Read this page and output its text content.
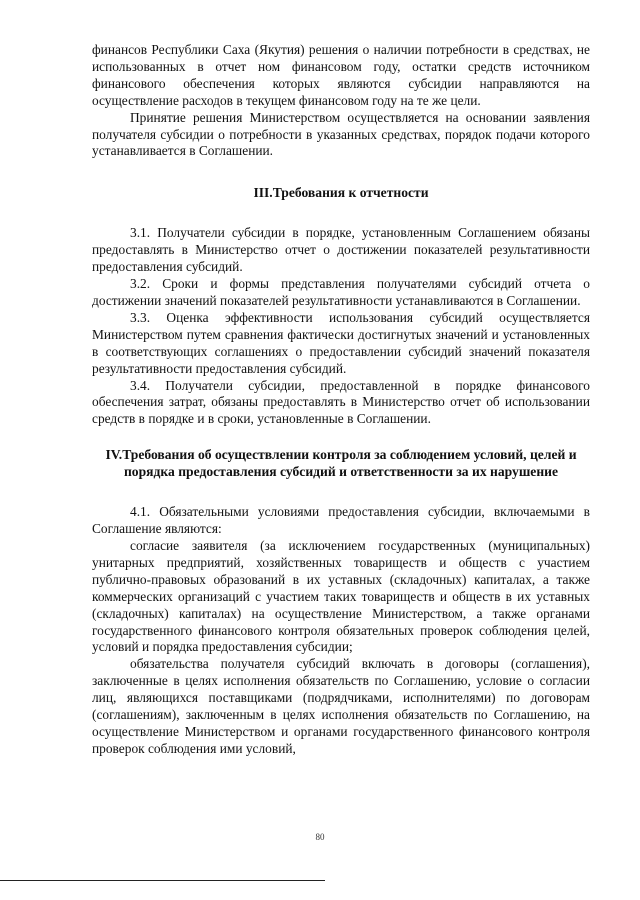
финансов Республики Саха (Якутия) решения о наличии потребности в средствах, не использованных в отчет ном финансовом году, остатки средств источником финансового обеспечения которых являются субсидии направляются на осуществление расходов в текущем финансовом году на те же цели.

Принятие решения Министерством осуществляется на основании заявления получателя субсидии о потребности в указанных средствах, порядок подачи которого устанавливается в Соглашении.

III.Требования к отчетности

3.1. Получатели субсидии в порядке, установленным Соглашением обязаны предоставлять в Министерство отчет о достижении показателей результативности предоставления субсидий.

3.2. Сроки и формы представления получателями субсидий отчета о достижении значений показателей результативности устанавливаются в Соглашении.

3.3. Оценка эффективности использования субсидий осуществляется Министерством путем сравнения фактически достигнутых значений и установленных в соответствующих соглашениях о предоставлении субсидий значений показателя результативности предоставления субсидий.

3.4. Получатели субсидии, предоставленной в порядке финансового обеспечения затрат, обязаны предоставлять в Министерство отчет об использовании средств в порядке и в сроки, установленные в Соглашении.

IV.Требования об осуществлении контроля за соблюдением условий, целей и порядка предоставления субсидий и ответственности за их нарушение

4.1. Обязательными условиями предоставления субсидии, включаемыми в Соглашение являются:

согласие заявителя (за исключением государственных (муниципальных) унитарных предприятий, хозяйственных товариществ и обществ с участием публично-правовых образований в их уставных (складочных) капиталах, а также коммерческих организаций с участием таких товариществ и обществ в их уставных (складочных) капиталах) на осуществление Министерством, а также органами государственного финансового контроля обязательных проверок соблюдения целей, условий и порядка предоставления субсидии;

обязательства получателя субсидий включать в договоры (соглашения), заключенные в целях исполнения обязательств по Соглашению, условие о согласии лиц, являющихся поставщиками (подрядчиками, исполнителями) по договорам (соглашениям), заключенным в целях исполнения обязательств по Соглашению, на осуществление Министерством и органами государственного финансового контроля проверок соблюдения ими условий,

80
